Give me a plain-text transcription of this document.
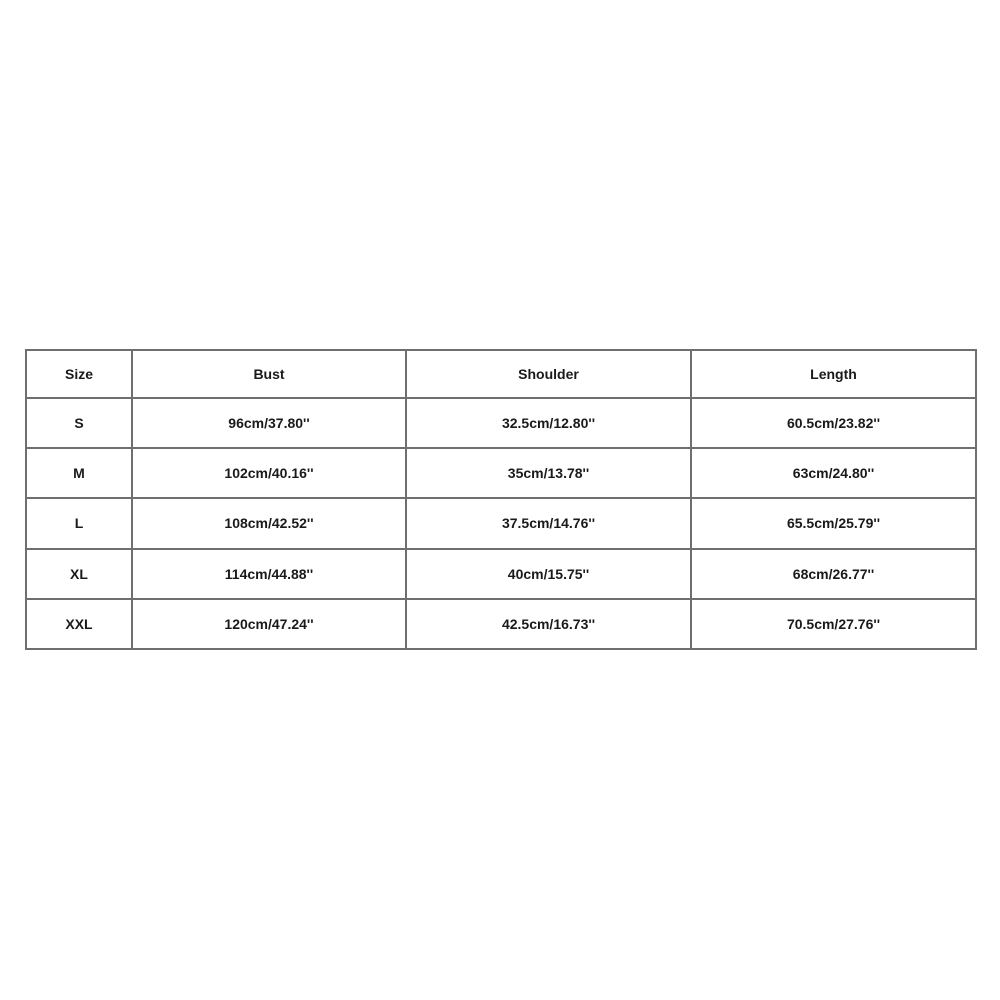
Size	Bust	Shoulder	Length
S	96cm/37.80''	32.5cm/12.80''	60.5cm/23.82''
M	102cm/40.16''	35cm/13.78''	63cm/24.80''
L	108cm/42.52''	37.5cm/14.76''	65.5cm/25.79''
XL	114cm/44.88''	40cm/15.75''	68cm/26.77''
XXL	120cm/47.24''	42.5cm/16.73''	70.5cm/27.76''
